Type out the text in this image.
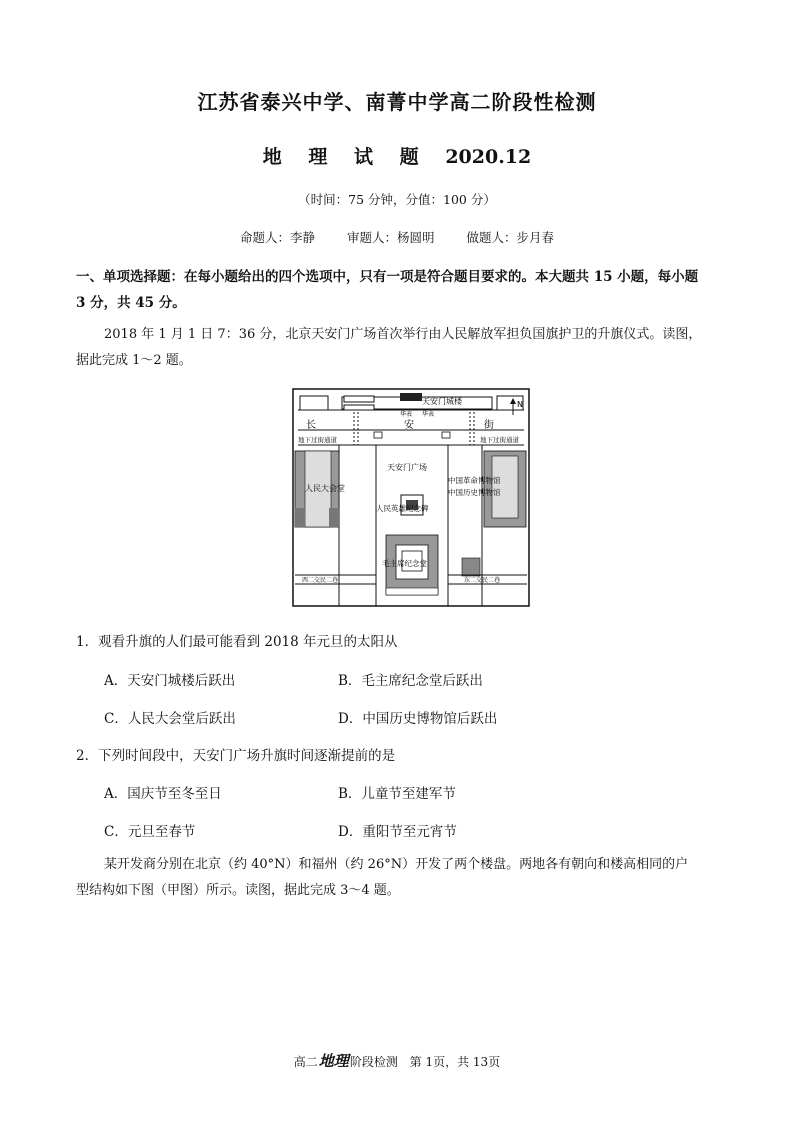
江苏省泰兴中学、南菁中学高二阶段性检测
地 理 试 题 2020.12
（时间：75 分钟，分值：100 分）
命题人：李静	审题人：杨圆明	做题人：步月春
一、单项选择题：在每小题给出的四个选项中，只有一项是符合题目要求的。本大题共 15 小题，每小题
3 分，共 45 分。
2018 年 1 月 1 日 7：36 分，北京天安门广场首次举行由人民解放军担负国旗护卫的升旗仪式。读图，
据此完成 1～2 题。
天安门城楼
华表 华表
N
长	安	街
地下过街通道	地下过街通道
人民大会堂
中国革命博物馆
中国历史博物馆
天安门广场
人民英雄纪念碑
毛主席纪念堂
西二交民二巷	东二交民二巷
1．观看升旗的人们最可能看到 2018 年元旦的太阳从
A．天安门城楼后跃出	B．毛主席纪念堂后跃出
C．人民大会堂后跃出	D．中国历史博物馆后跃出
2．下列时间段中，天安门广场升旗时间逐渐提前的是
A．国庆节至冬至日	B．儿童节至建军节
C．元旦至春节	D．重阳节至元宵节
某开发商分别在北京（约 40°N）和福州（约 26°N）开发了两个楼盘。两地各有朝向和楼高相同的户
型结构如下图（甲图）所示。读图，据此完成 3～4 题。
高二地理阶段检测 第 1页，共 13页
